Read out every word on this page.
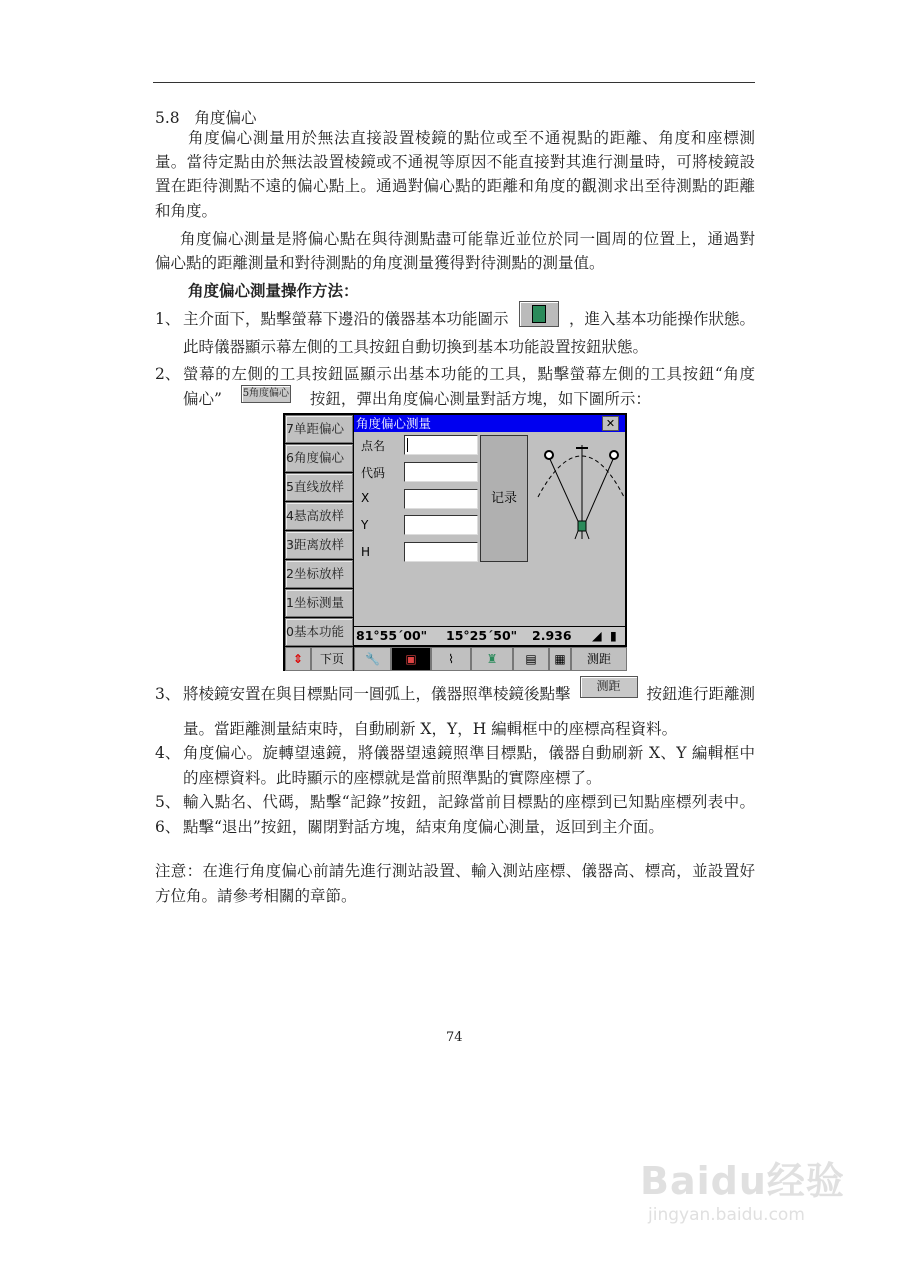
5.8 角度偏心
角度偏心測量用於無法直接設置棱鏡的點位或至不通視點的距離、角度和座標測
量。當待定點由於無法設置棱鏡或不通視等原因不能直接對其進行測量時，可將棱鏡設
置在距待測點不遠的偏心點上。通過對偏心點的距離和角度的觀測求出至待測點的距離
和角度。
角度偏心測量是將偏心點在與待測點盡可能靠近並位於同一圓周的位置上，通過對
偏心點的距離測量和對待測點的角度測量獲得對待測點的測量值。
角度偏心測量操作方法：
1、 主介面下，點擊螢幕下邊沿的儀器基本功能圖示	，進入基本功能操作狀態。
此時儀器顯示幕左側的工具按鈕自動切換到基本功能設置按鈕狀態。
2、 螢幕的左側的工具按鈕區顯示出基本功能的工具，點擊螢幕左側的工具按鈕“角度
偏心” 5角度偏心 按鈕，彈出角度偏心測量對話方塊，如下圖所示：
7单距偏心
6角度偏心
5直线放样
4悬高放样
3距离放样
2坐标放样
1坐标测量
0基本功能
角度偏心测量	✕
点名
代码
X
Y
H
记录
81°55´00" 15°25´50" 2.936 ◢ ▮
⇕	下页	🔧	▣	⌇	♜	▤	▦	测距
3、 將棱鏡安置在與目標點同一圓弧上，儀器照準棱鏡後點擊	测距	按鈕進行距離測
量。當距離測量結束時，自動刷新 X，Y，H 編輯框中的座標高程資料。
4、 角度偏心。旋轉望遠鏡，將儀器望遠鏡照準目標點，儀器自動刷新 X、Y 編輯框中
的座標資料。此時顯示的座標就是當前照準點的實際座標了。
5、 輸入點名、代碼，點擊“記錄”按鈕，記錄當前目標點的座標到已知點座標列表中。
6、 點擊“退出”按鈕，關閉對話方塊，結束角度偏心測量，返回到主介面。
注意：在進行角度偏心前請先進行測站設置、輸入測站座標、儀器高、標高，並設置好
方位角。請參考相關的章節。
74
Baidu经验
jingyan.baidu.com
